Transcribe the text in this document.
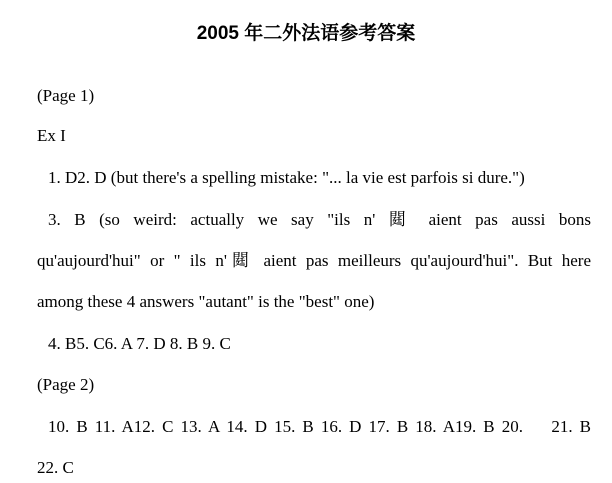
2005 年二外法语参考答案

(Page 1)

Ex I

1. D2. D (but there's a spelling mistake: "... la vie est parfois si dure.")

3. B (so weird: actually we say "ils n' 閮 aient pas aussi bons

qu'aujourd'hui" or " ils n'閮 aient pas meilleurs qu'aujourd'hui". But here

among these 4 answers "autant" is the "best" one)

4. B5. C6. A 7. D 8. B 9. C

(Page 2)

10. B 11. A12. C 13. A 14. D 15. B 16. D 17. B 18. A19. B 20.    21. B

22. C
